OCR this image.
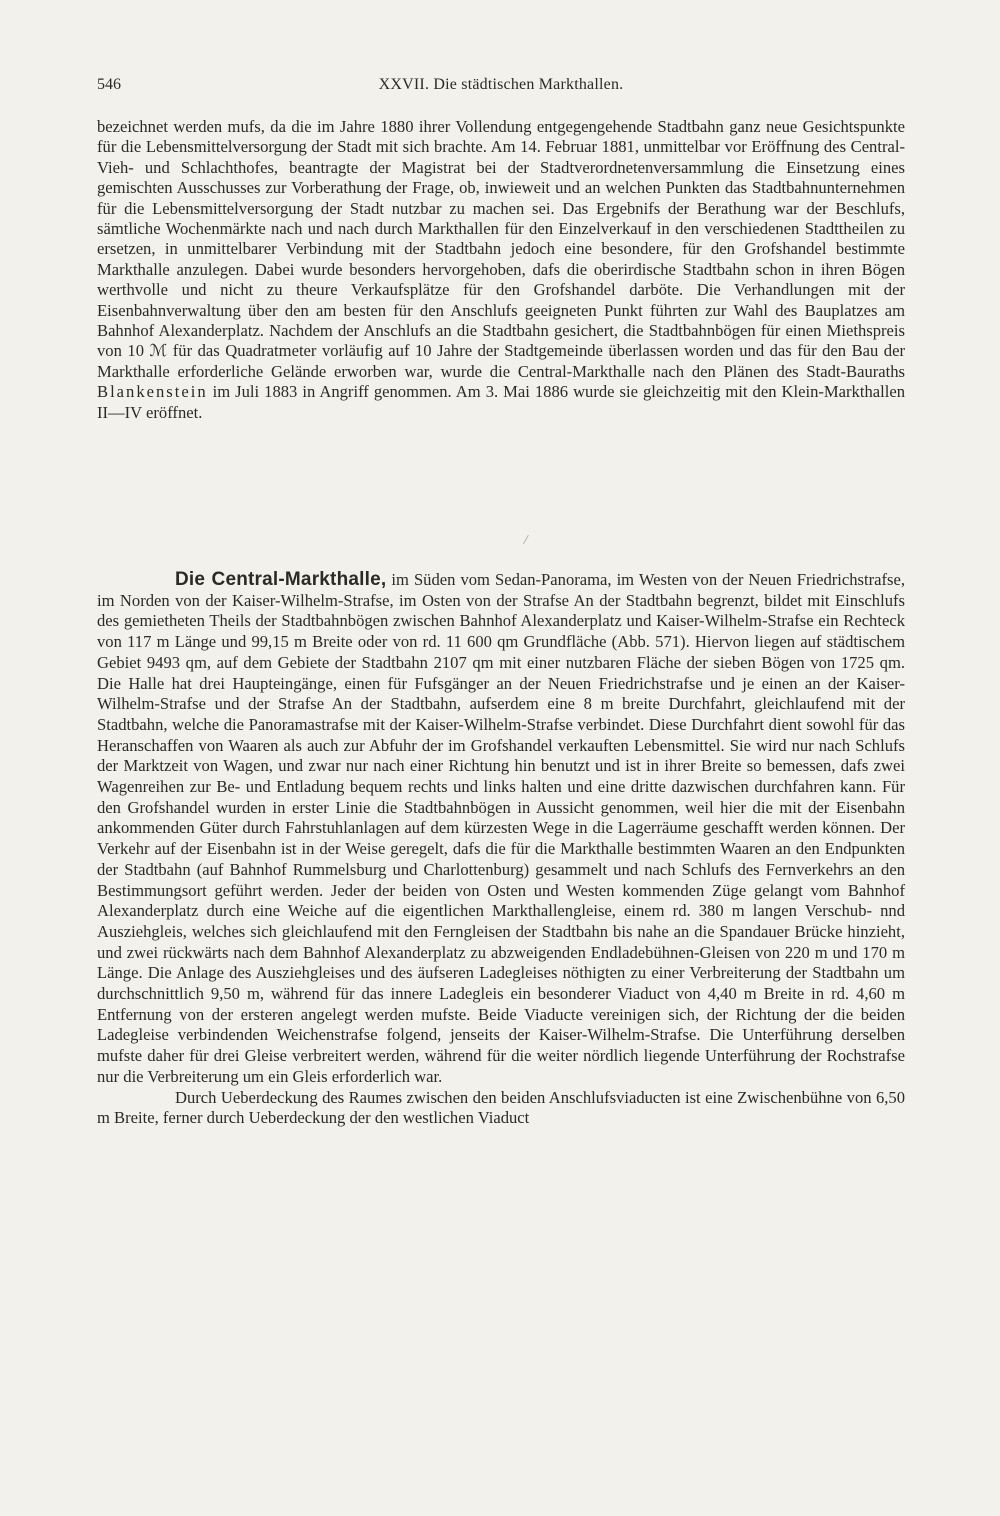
546	XXVII. Die städtischen Markthallen.

bezeichnet werden mufs, da die im Jahre 1880 ihrer Vollendung entgegengehende Stadtbahn ganz neue Gesichtspunkte für die Lebensmittelversorgung der Stadt mit sich brachte. Am 14. Februar 1881, unmittelbar vor Eröffnung des Central-Vieh- und Schlachthofes, beantragte der Magistrat bei der Stadtverordnetenversammlung die Einsetzung eines gemischten Ausschusses zur Vorberathung der Frage, ob, inwieweit und an welchen Punkten das Stadtbahnunternehmen für die Lebensmittelversorgung der Stadt nutzbar zu machen sei. Das Ergebnifs der Berathung war der Beschlufs, sämtliche Wochenmärkte nach und nach durch Markthallen für den Einzelverkauf in den verschiedenen Stadttheilen zu ersetzen, in unmittelbarer Verbindung mit der Stadtbahn jedoch eine besondere, für den Grofshandel bestimmte Markthalle anzulegen. Dabei wurde besonders hervorgehoben, dafs die oberirdische Stadtbahn schon in ihren Bögen werthvolle und nicht zu theure Verkaufsplätze für den Grofshandel darböte. Die Verhandlungen mit der Eisenbahnverwaltung über den am besten für den Anschlufs geeigneten Punkt führten zur Wahl des Bauplatzes am Bahnhof Alexanderplatz. Nachdem der Anschlufs an die Stadtbahn gesichert, die Stadtbahnbögen für einen Miethspreis von 10 ℳ für das Quadratmeter vorläufig auf 10 Jahre der Stadtgemeinde überlassen worden und das für den Bau der Markthalle erforderliche Gelände erworben war, wurde die Central-Markthalle nach den Plänen des Stadt-Bauraths Blankenstein im Juli 1883 in Angriff genommen. Am 3. Mai 1886 wurde sie gleichzeitig mit den Klein-Markthallen II—IV eröffnet.

Die Central-Markthalle, im Süden vom Sedan-Panorama, im Westen von der Neuen Friedrichstrafse, im Norden von der Kaiser-Wilhelm-Strafse, im Osten von der Strafse An der Stadtbahn begrenzt, bildet mit Einschlufs des gemietheten Theils der Stadtbahnbögen zwischen Bahnhof Alexanderplatz und Kaiser-Wilhelm-Strafse ein Rechteck von 117 m Länge und 99,15 m Breite oder von rd. 11 600 qm Grundfläche (Abb. 571). Hiervon liegen auf städtischem Gebiet 9493 qm, auf dem Gebiete der Stadtbahn 2107 qm mit einer nutzbaren Fläche der sieben Bögen von 1725 qm. Die Halle hat drei Haupteingänge, einen für Fufsgänger an der Neuen Friedrichstrafse und je einen an der Kaiser-Wilhelm-Strafse und der Strafse An der Stadtbahn, aufserdem eine 8 m breite Durchfahrt, gleichlaufend mit der Stadtbahn, welche die Panoramastrafse mit der Kaiser-Wilhelm-Strafse verbindet. Diese Durchfahrt dient sowohl für das Heranschaffen von Waaren als auch zur Abfuhr der im Grofshandel verkauften Lebensmittel. Sie wird nur nach Schlufs der Marktzeit von Wagen, und zwar nur nach einer Richtung hin benutzt und ist in ihrer Breite so bemessen, dafs zwei Wagenreihen zur Be- und Entladung bequem rechts und links halten und eine dritte dazwischen durchfahren kann. Für den Grofshandel wurden in erster Linie die Stadtbahnbögen in Aussicht genommen, weil hier die mit der Eisenbahn ankommenden Güter durch Fahrstuhlanlagen auf dem kürzesten Wege in die Lagerräume geschafft werden können. Der Verkehr auf der Eisenbahn ist in der Weise geregelt, dafs die für die Markthalle bestimmten Waaren an den Endpunkten der Stadtbahn (auf Bahnhof Rummelsburg und Charlottenburg) gesammelt und nach Schlufs des Fernverkehrs an den Bestimmungsort geführt werden. Jeder der beiden von Osten und Westen kommenden Züge gelangt vom Bahnhof Alexanderplatz durch eine Weiche auf die eigentlichen Markthallengleise, einem rd. 380 m langen Verschub- nnd Ausziehgleis, welches sich gleichlaufend mit den Ferngleisen der Stadtbahn bis nahe an die Spandauer Brücke hinzieht, und zwei rückwärts nach dem Bahnhof Alexanderplatz zu abzweigenden Endladebühnen-Gleisen von 220 m und 170 m Länge. Die Anlage des Ausziehgleises und des äufseren Ladegleises nöthigten zu einer Verbreiterung der Stadtbahn um durchschnittlich 9,50 m, während für das innere Ladegleis ein besonderer Viaduct von 4,40 m Breite in rd. 4,60 m Entfernung von der ersteren angelegt werden mufste. Beide Viaducte vereinigen sich, der Richtung der die beiden Ladegleise verbindenden Weichenstrafse folgend, jenseits der Kaiser-Wilhelm-Strafse. Die Unterführung derselben mufste daher für drei Gleise verbreitert werden, während für die weiter nördlich liegende Unterführung der Rochstrafse nur die Verbreiterung um ein Gleis erforderlich war.

Durch Ueberdeckung des Raumes zwischen den beiden Anschlufsviaducten ist eine Zwischenbühne von 6,50 m Breite, ferner durch Ueberdeckung der den westlichen Viaduct
